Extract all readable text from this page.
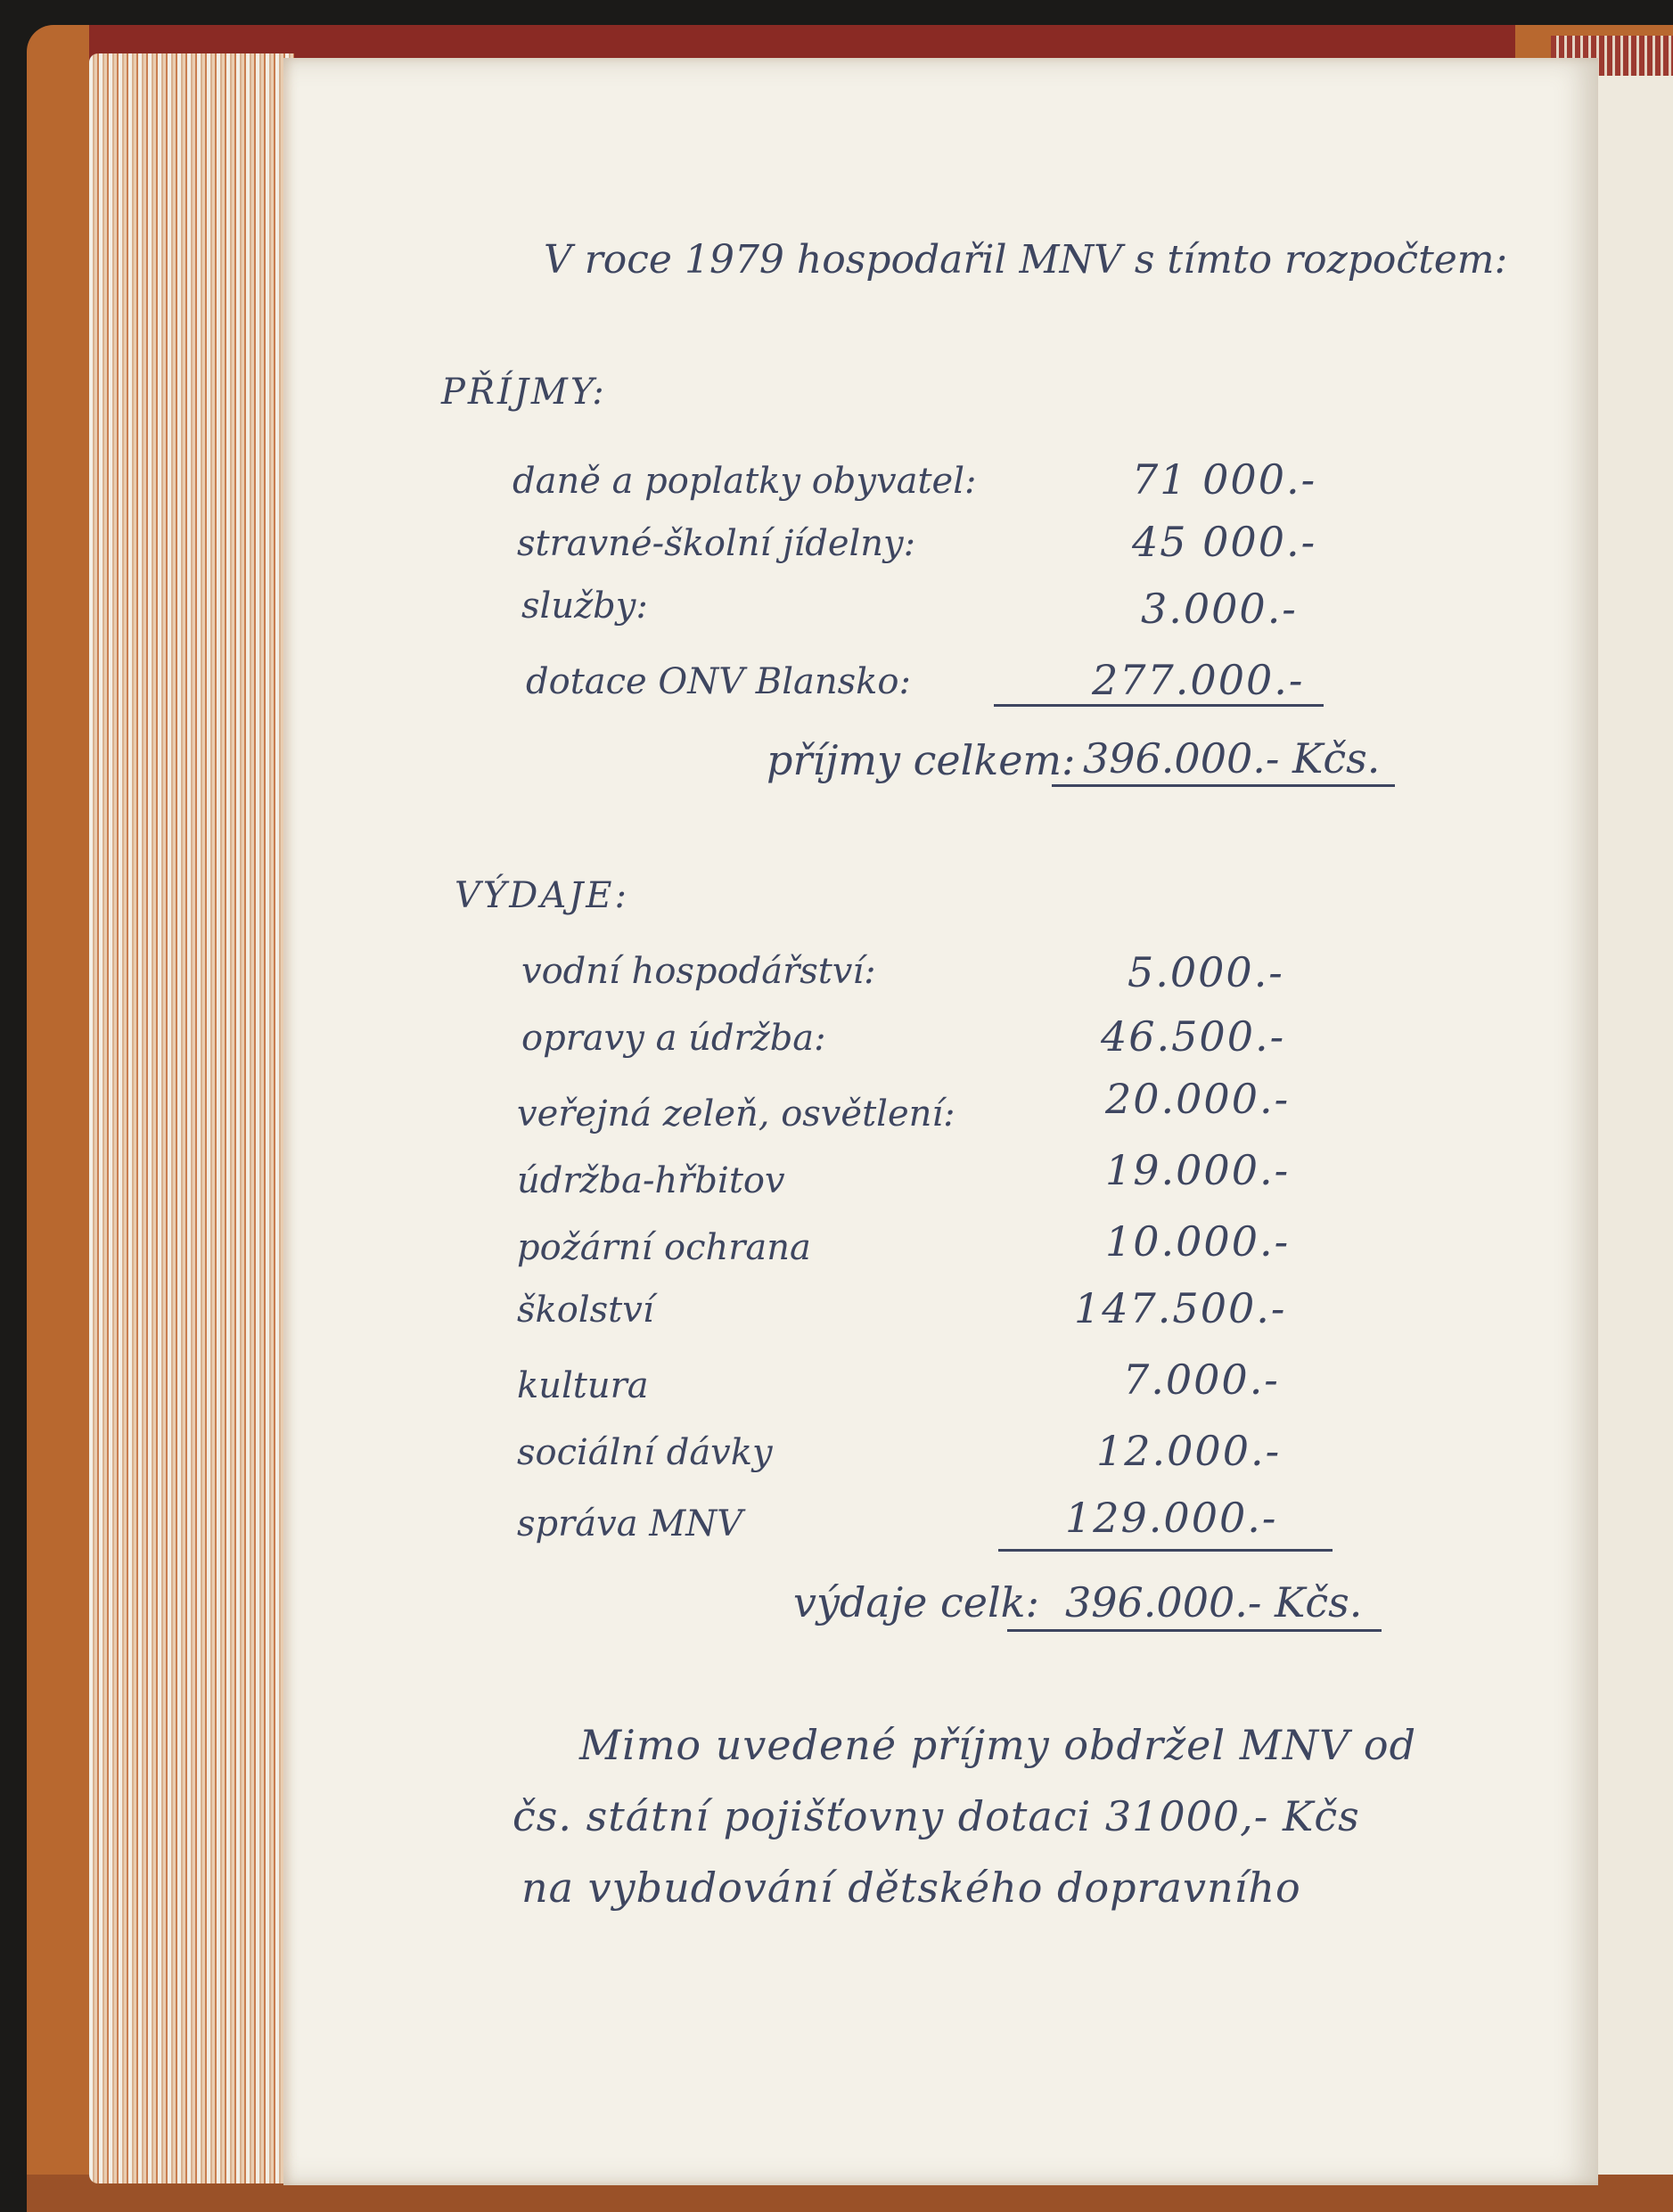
V roce 1979 hospodařil MNV s tímto rozpočtem:
PŘÍJMY:
daně a poplatky obyvatel:	71 000.-
stravné-školní jídelny:	45 000.-
služby:	3.000.-
dotace ONV Blansko:	277.000.-
příjmy celkem: 396.000.- Kčs.
VÝDAJE:
vodní hospodářství:	5.000.-
opravy a údržba:	46.500.-
veřejná zeleň, osvětlení:	20.000.-
údržba-hřbitov	19.000.-
požární ochrana	10.000.-
školství	147.500.-
kultura	7.000.-
sociální dávky	12.000.-
správa MNV	129.000.-
výdaje celk: 396.000.- Kčs.
Mimo uvedené příjmy obdržel MNV od
čs. státní pojišťovny dotaci 31000,- Kčs
na vybudování dětského dopravního
